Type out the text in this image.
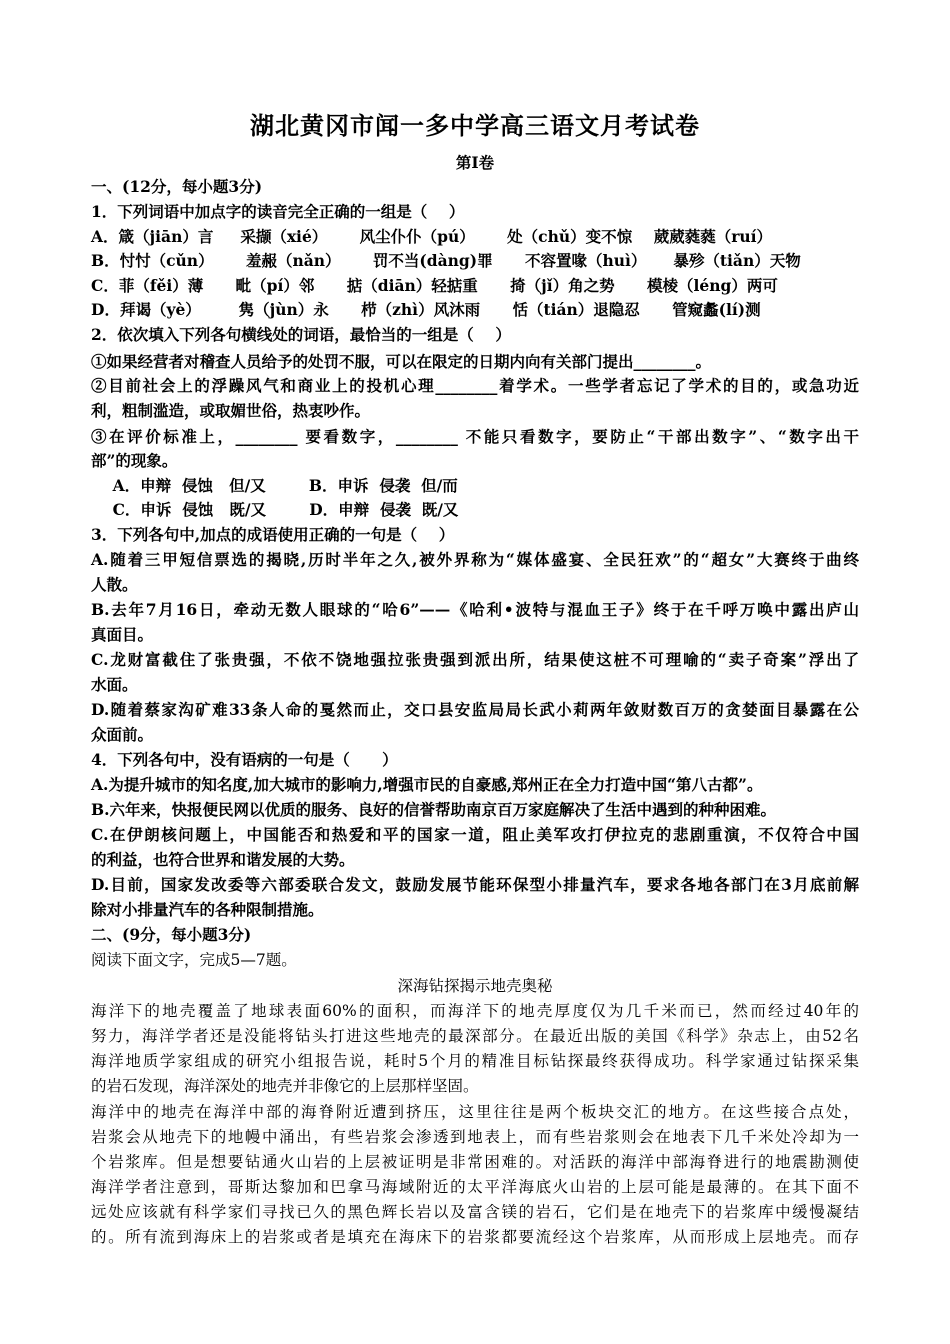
湖北黄冈市闻一多中学高三语文月考试卷
第Ⅰ卷
一、(12分，每小题3分)
1．下列词语中加点字的读音完全正确的一组是（    ）
A．箴（jiān）言     采撷（xié）      风尘仆仆（pú）      处（chǔ）变不惊    葳葳蕤蕤（ruí）
B．忖忖（cǔn）      羞赧（nǎn）      罚不当(dàng)罪      不容置喙（huì）     暴殄（tiǎn）天物
C．菲（fěi）薄      毗（pí）邻      掂（diān）轻掂重      掎（jǐ）角之势      模棱（léng）两可
D．拜谒（yè）       隽（jùn）永      栉（zhì）风沐雨      恬（tián）退隐忍      管窥蠡(lí)测
2．依次填入下列各句横线处的词语，最恰当的一组是（    ）
①如果经营者对稽查人员给予的处罚不服，可以在限定的日期内向有关部门提出________。
②目前社会上的浮躁风气和商业上的投机心理________着学术。一些学者忘记了学术的目的，或急功近
利，粗制滥造，或取媚世俗，热衷吵作。
③在评价标准上，________ 要看数字，________ 不能只看数字，要防止“干部出数字”、“数字出干
部”的现象。
A．申辩  侵蚀   但/又        B．申诉  侵袭  但/而
C．申诉  侵蚀   既/又        D．申辩  侵袭  既/又
3．下列各句中,加点的成语使用正确的一句是（    ）
A.随着三甲短信票选的揭晓,历时半年之久,被外界称为“媒体盛宴、全民狂欢”的“超女”大赛终于曲终
人散。
B.去年7月16日，牵动无数人眼球的“哈6”——《哈利•波特与混血王子》终于在千呼万唤中露出庐山
真面目。
C.龙财富截住了张贵强，不依不饶地强拉张贵强到派出所，结果使这桩不可理喻的“卖子奇案”浮出了
水面。
D.随着蔡家沟矿难33条人命的戛然而止，交口县安监局局长武小莉两年敛财数百万的贪婪面目暴露在公
众面前。
4．下列各句中，没有语病的一句是（      ）
A.为提升城市的知名度,加大城市的影响力,增强市民的自豪感,郑州正在全力打造中国“第八古都”。
B.六年来，快报便民网以优质的服务、良好的信誉帮助南京百万家庭解决了生活中遇到的种种困难。
C.在伊朗核问题上，中国能否和热爱和平的国家一道，阻止美军攻打伊拉克的悲剧重演，不仅符合中国
的利益，也符合世界和谐发展的大势。
D.目前，国家发改委等六部委联合发文，鼓励发展节能环保型小排量汽车，要求各地各部门在3月底前解
除对小排量汽车的各种限制措施。
二、(9分，每小题3分)
阅读下面文字，完成5—7题。
深海钻探揭示地壳奥秘
海洋下的地壳覆盖了地球表面60%的面积，而海洋下的地壳厚度仅为几千米而已，然而经过40年的
努力，海洋学者还是没能将钻头打进这些地壳的最深部分。在最近出版的美国《科学》杂志上，由52名
海洋地质学家组成的研究小组报告说，耗时5个月的精准目标钻探最终获得成功。科学家通过钻探采集
的岩石发现，海洋深处的地壳并非像它的上层那样坚固。
海洋中的地壳在海洋中部的海脊附近遭到挤压，这里往往是两个板块交汇的地方。在这些接合点处，
岩浆会从地壳下的地幔中涌出，有些岩浆会渗透到地表上，而有些岩浆则会在地表下几千米处冷却为一
个岩浆库。但是想要钻通火山岩的上层被证明是非常困难的。对活跃的海洋中部海脊进行的地震勘测使
海洋学者注意到，哥斯达黎加和巴拿马海域附近的太平洋海底火山岩的上层可能是最薄的。在其下面不
远处应该就有科学家们寻找已久的黑色辉长岩以及富含镁的岩石，它们是在地壳下的岩浆库中缓慢凝结
的。所有流到海床上的岩浆或者是填充在海床下的岩浆都要流经这个岩浆库，从而形成上层地壳。而存
